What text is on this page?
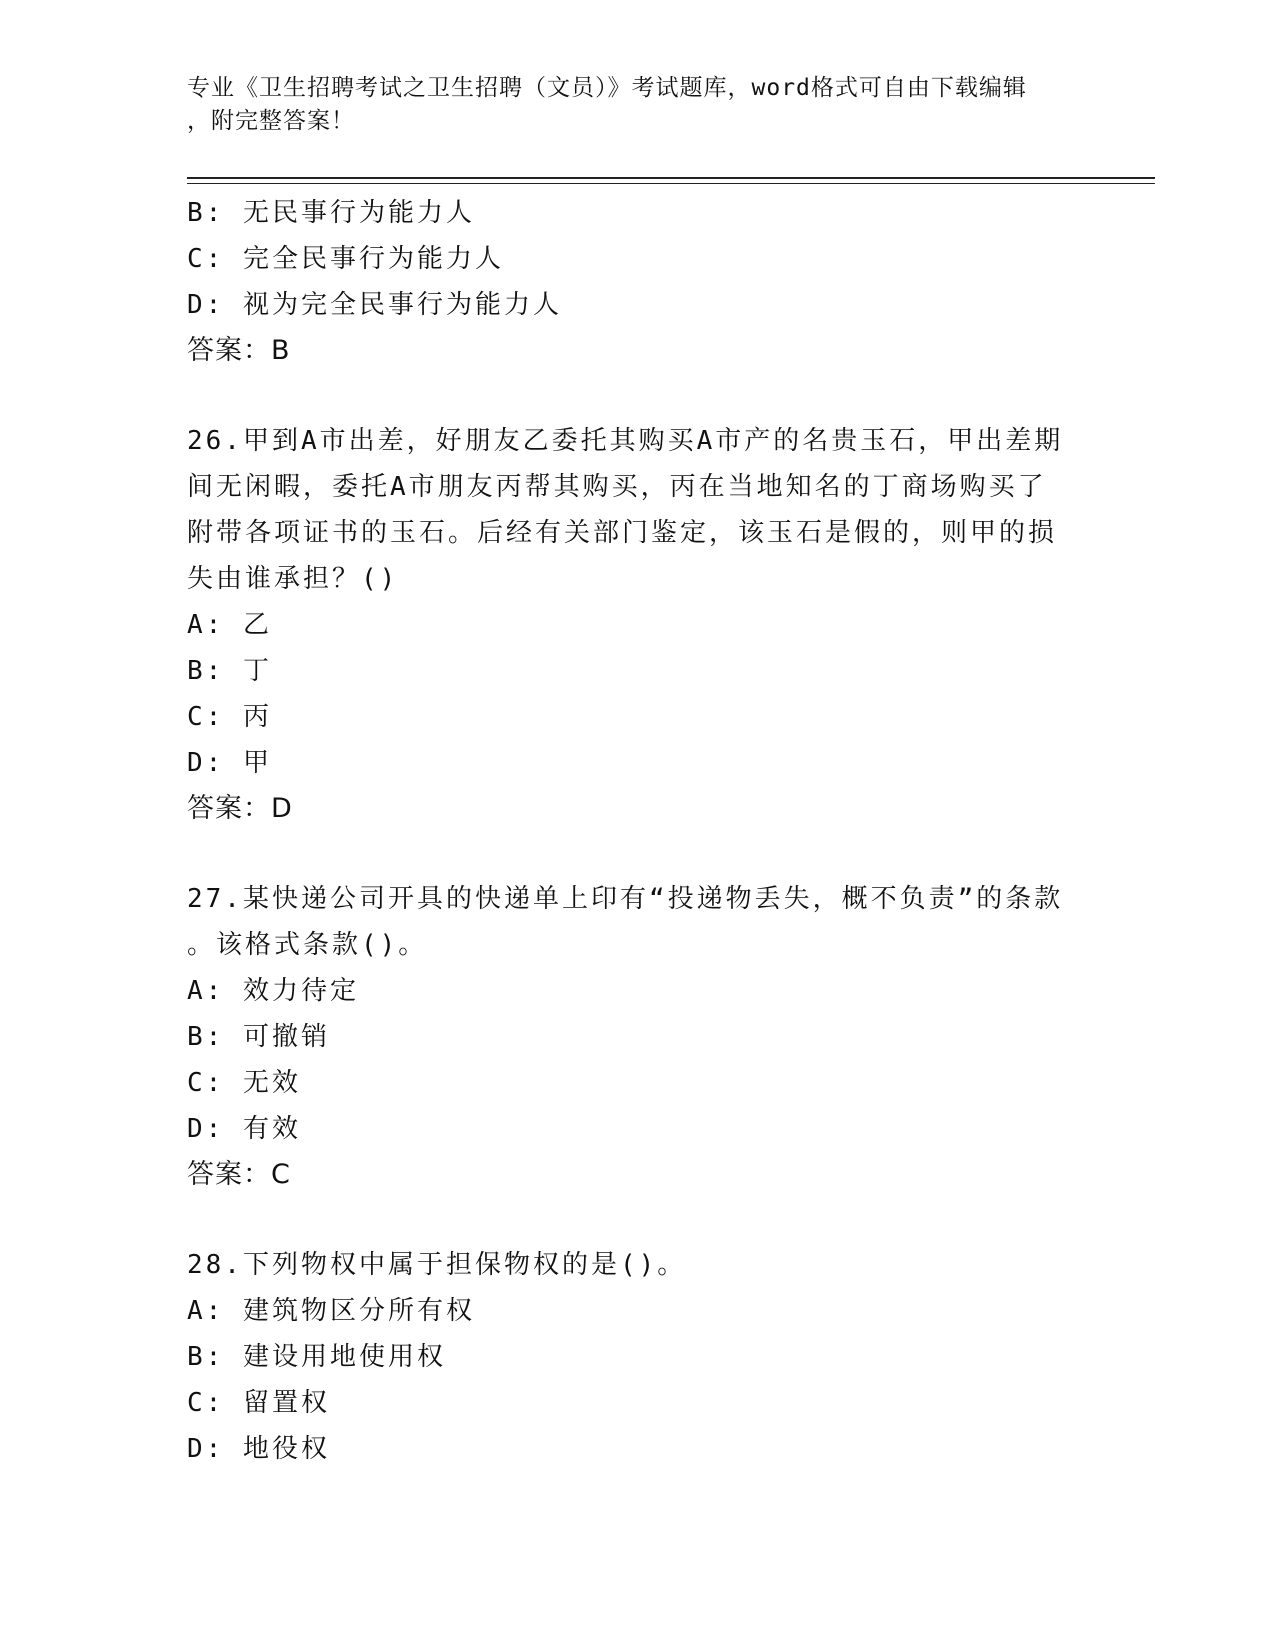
专业《卫生招聘考试之卫生招聘（文员）》考试题库，word格式可自由下载编辑
，附完整答案！
B: 无民事行为能力人
C: 完全民事行为能力人
D: 视为完全民事行为能力人
答案：B
26.甲到A市出差，好朋友乙委托其购买A市产的名贵玉石，甲出差期
间无闲暇，委托A市朋友丙帮其购买，丙在当地知名的丁商场购买了
附带各项证书的玉石。后经有关部门鉴定，该玉石是假的，则甲的损
失由谁承担？()
A: 乙
B: 丁
C: 丙
D: 甲
答案：D
27.某快递公司开具的快递单上印有“投递物丢失，概不负责”的条款
。该格式条款()。
A: 效力待定
B: 可撤销
C: 无效
D: 有效
答案：C
28.下列物权中属于担保物权的是()。
A: 建筑物区分所有权
B: 建设用地使用权
C: 留置权
D: 地役权
